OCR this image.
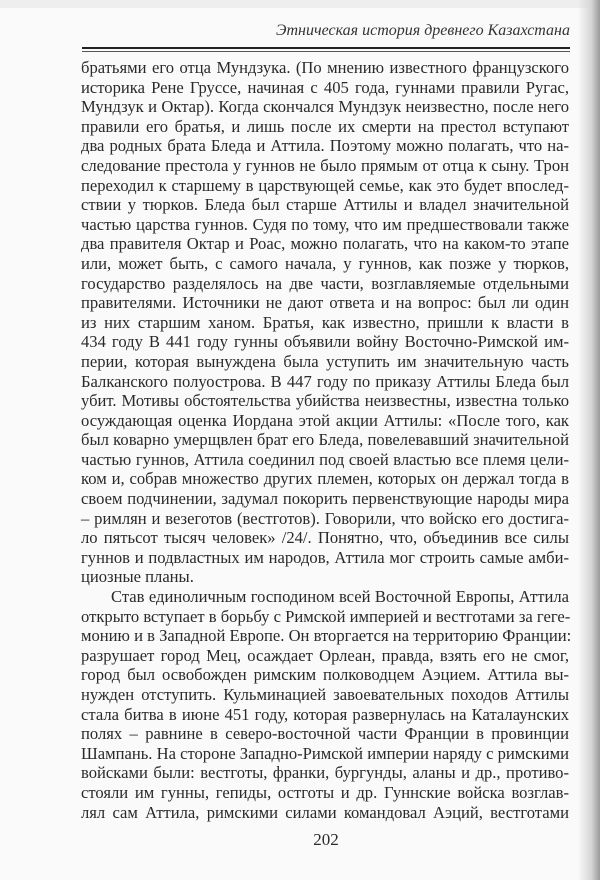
Этническая история древнего Казахстана
братьями его отца Мундзука. (По мнению известного французского
историка Рене Груссе, начиная с 405 года, гуннами правили Ругас,
Мундзук и Октар). Когда скончался Мундзук неизвестно, после него
правили его братья, и лишь после их смерти на престол вступают
два родных брата Бледа и Аттила. Поэтому можно полагать, что на-
следование престола у гуннов не было прямым от отца к сыну. Трон
переходил к старшему в царствующей семье, как это будет впослед-
ствии у тюрков. Бледа был старше Аттилы и владел значительной
частью царства гуннов. Судя по тому, что им предшествовали также
два правителя Октар и Роас, можно полагать, что на каком-то этапе
или, может быть, с самого начала, у гуннов, как позже у тюрков,
государство разделялось на две части, возглавляемые отдельными
правителями. Источники не дают ответа и на вопрос: был ли один
из них старшим ханом. Братья, как известно, пришли к власти в
434 году В 441 году гунны объявили войну Восточно-Римской им-
перии, которая вынуждена была уступить им значительную часть
Балканского полуострова. В 447 году по приказу Аттилы Бледа был
убит. Мотивы обстоятельства убийства неизвестны, известна только
осуждающая оценка Иордана этой акции Аттилы: «После того, как
был коварно умерщвлен брат его Бледа, повелевавший значительной
частью гуннов, Аттила соединил под своей властью все племя цели-
ком и, собрав множество других племен, которых он держал тогда в
своем подчинении, задумал покорить первенствующие народы мира
– римлян и везеготов (вестготов). Говорили, что войско его достига-
ло пятьсот тысяч человек» /24/. Понятно, что, объединив все силы
гуннов и подвластных им народов, Аттила мог строить самые амби-
циозные планы.
Став единоличным господином всей Восточной Европы, Аттила
открыто вступает в борьбу с Римской империей и вестготами за геге-
монию и в Западной Европе. Он вторгается на территорию Франции:
разрушает город Мец, осаждает Орлеан, правда, взять его не смог,
город был освобожден римским полководцем Аэцием. Аттила вы-
нужден отступить. Кульминацией завоевательных походов Аттилы
стала битва в июне 451 году, которая развернулась на Каталаунских
полях – равнине в северо-восточной части Франции в провинции
Шампань. На стороне Западно-Римской империи наряду с римскими
войсками были: вестготы, франки, бургунды, аланы и др., противо-
стояли им гунны, гепиды, остготы и др. Гуннские войска возглав-
лял сам Аттила, римскими силами командовал Аэций, вестготами
202
